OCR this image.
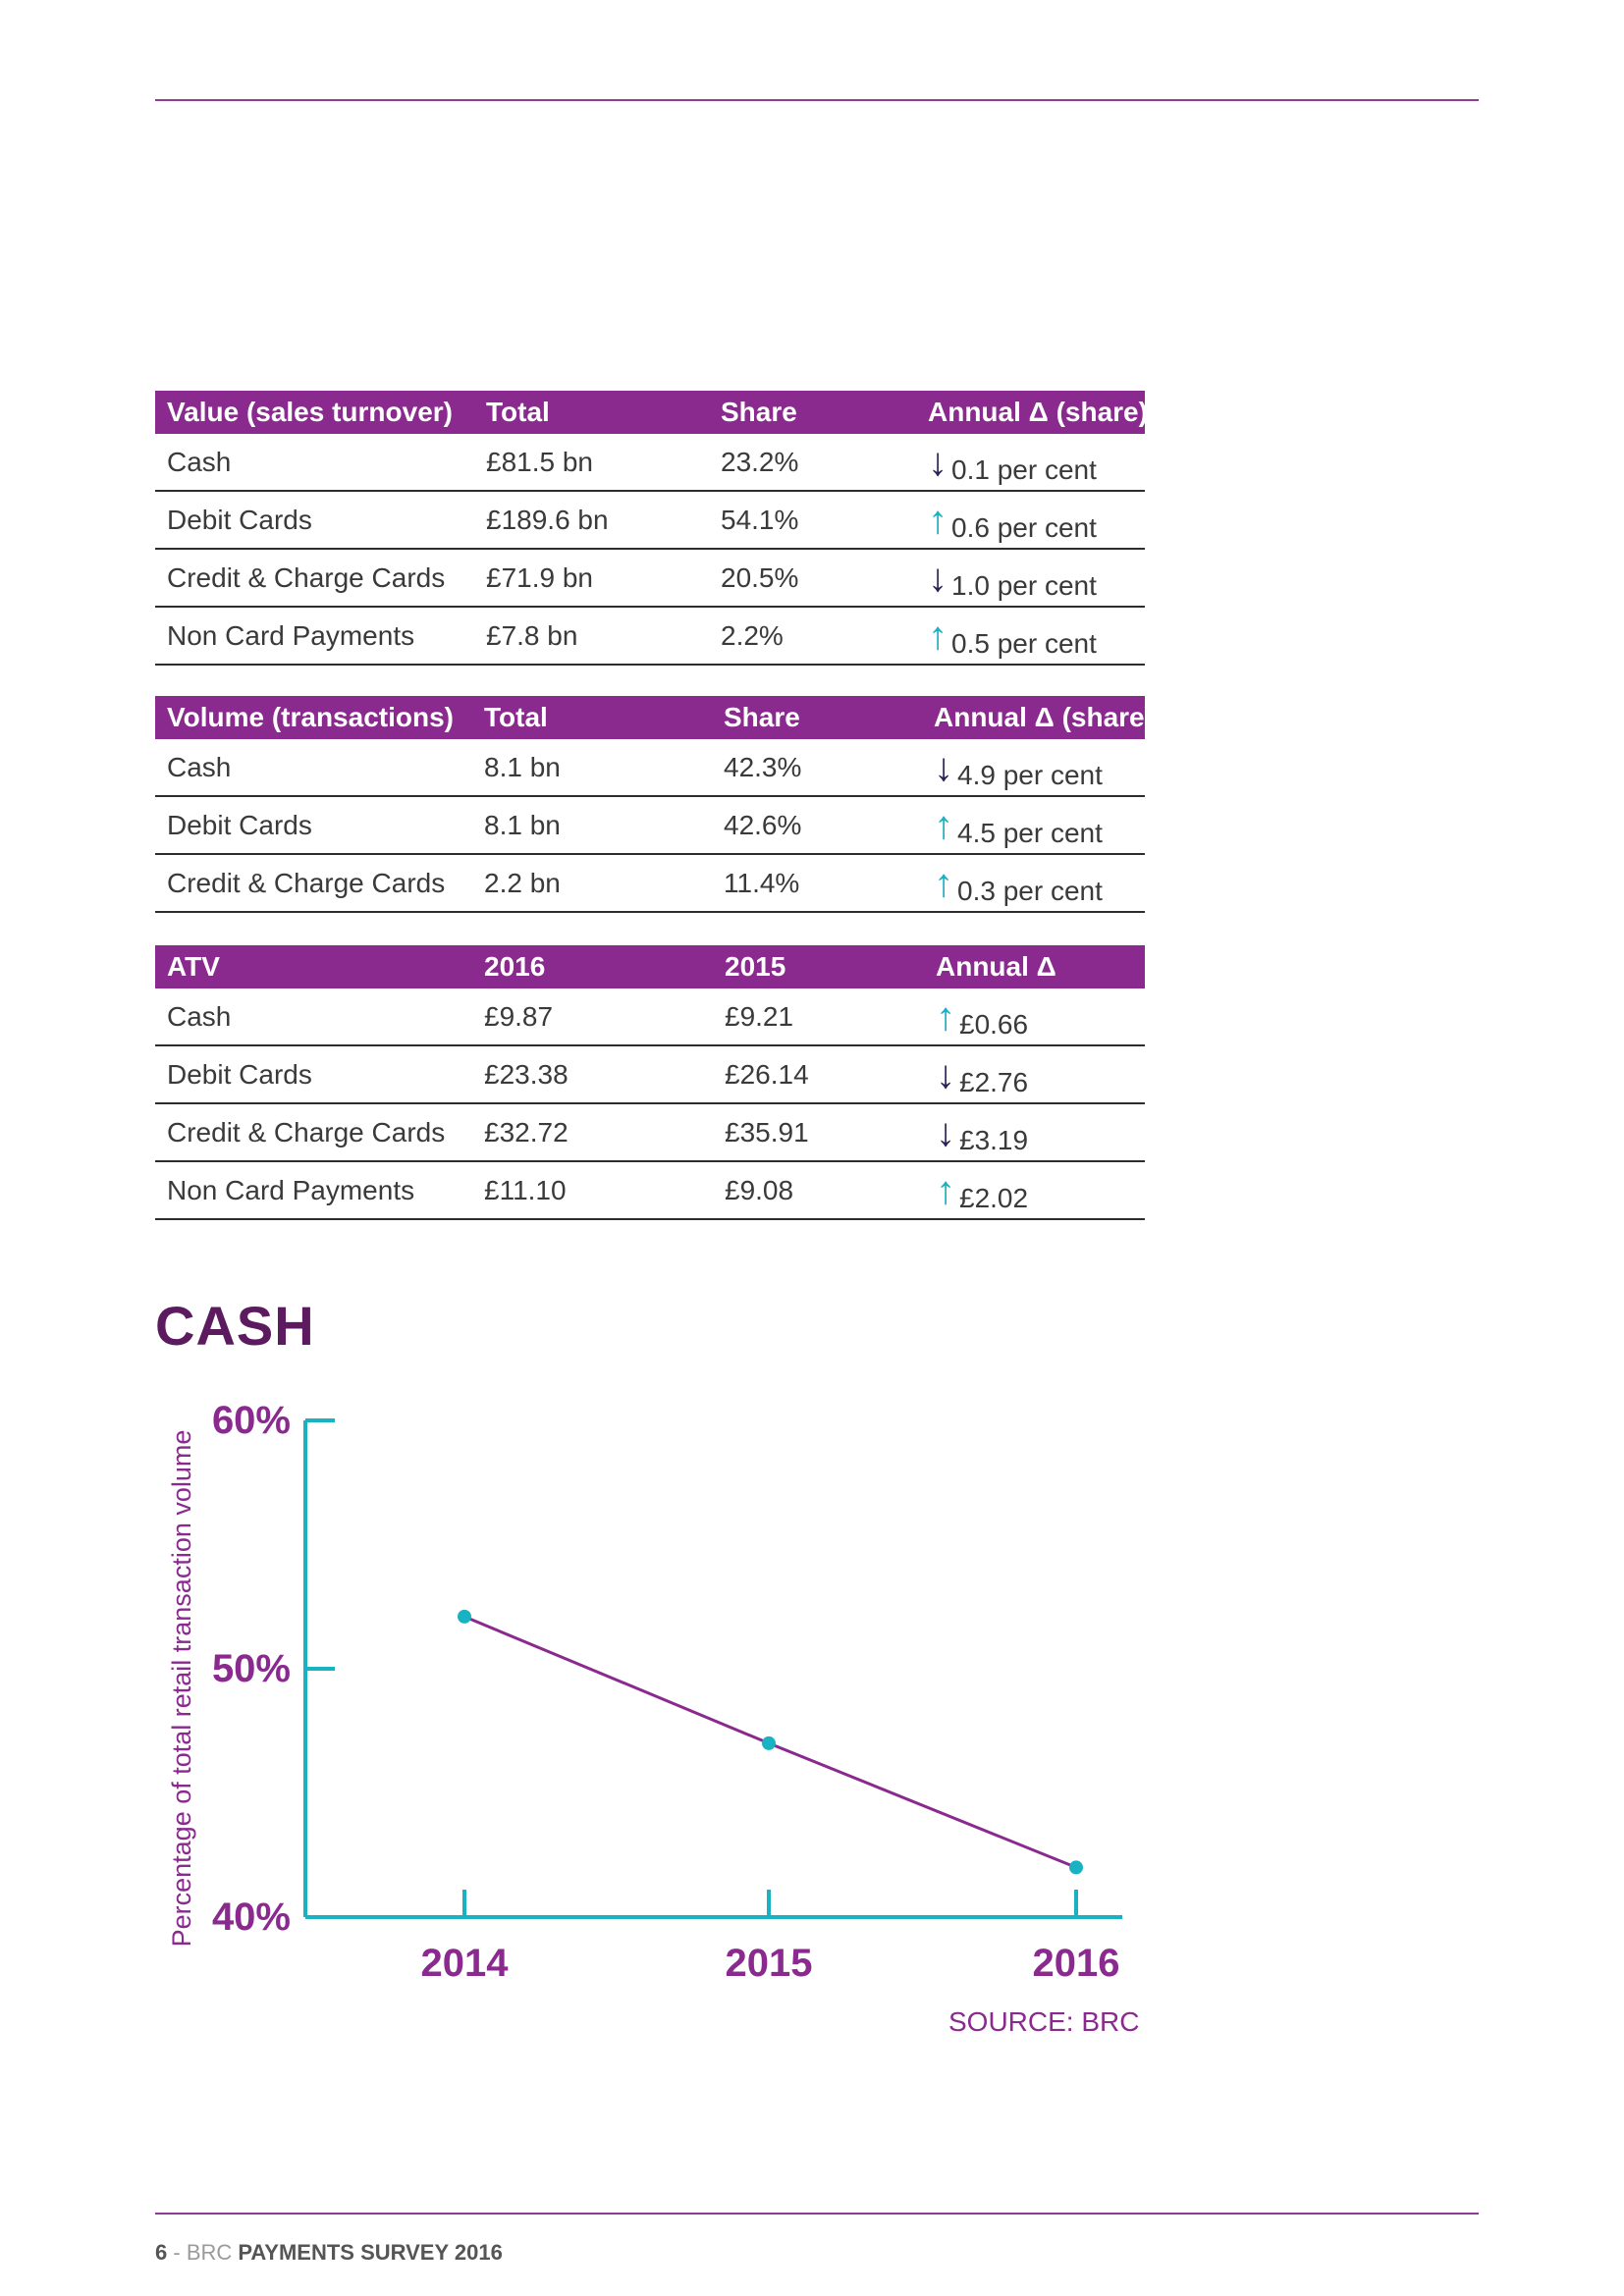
Value (sales turnover)	Total	Share	Annual Δ (share)
Cash	£81.5 bn	23.2%	↓ 0.1 per cent

Debit Cards	£189.6 bn	54.1%	↑ 0.6 per cent

Credit & Charge Cards	£71.9 bn	20.5%	↓ 1.0 per cent

Non Card Payments	£7.8 bn	2.2%	↑ 0.5 per cent
Volume (transactions)	Total	Share	Annual Δ (share)
Cash	8.1 bn	42.3%	↓ 4.9 per cent

Debit Cards	8.1 bn	42.6%	↑ 4.5 per cent

Credit & Charge Cards	2.2 bn	11.4%	↑ 0.3 per cent
ATV	2016	2015	Annual Δ
Cash	£9.87	£9.21	↑ £0.66

Debit Cards	£23.38	£26.14	↓ £2.76

Credit & Charge Cards	£32.72	£35.91	↓ £3.19

Non Card Payments	£11.10	£9.08	↑ £2.02
CASH
Percentage of total retail transaction volume 40%
50%
60%
2014	2015	2016
SOURCE: BRC
6 - BRC PAYMENTS SURVEY 2016
